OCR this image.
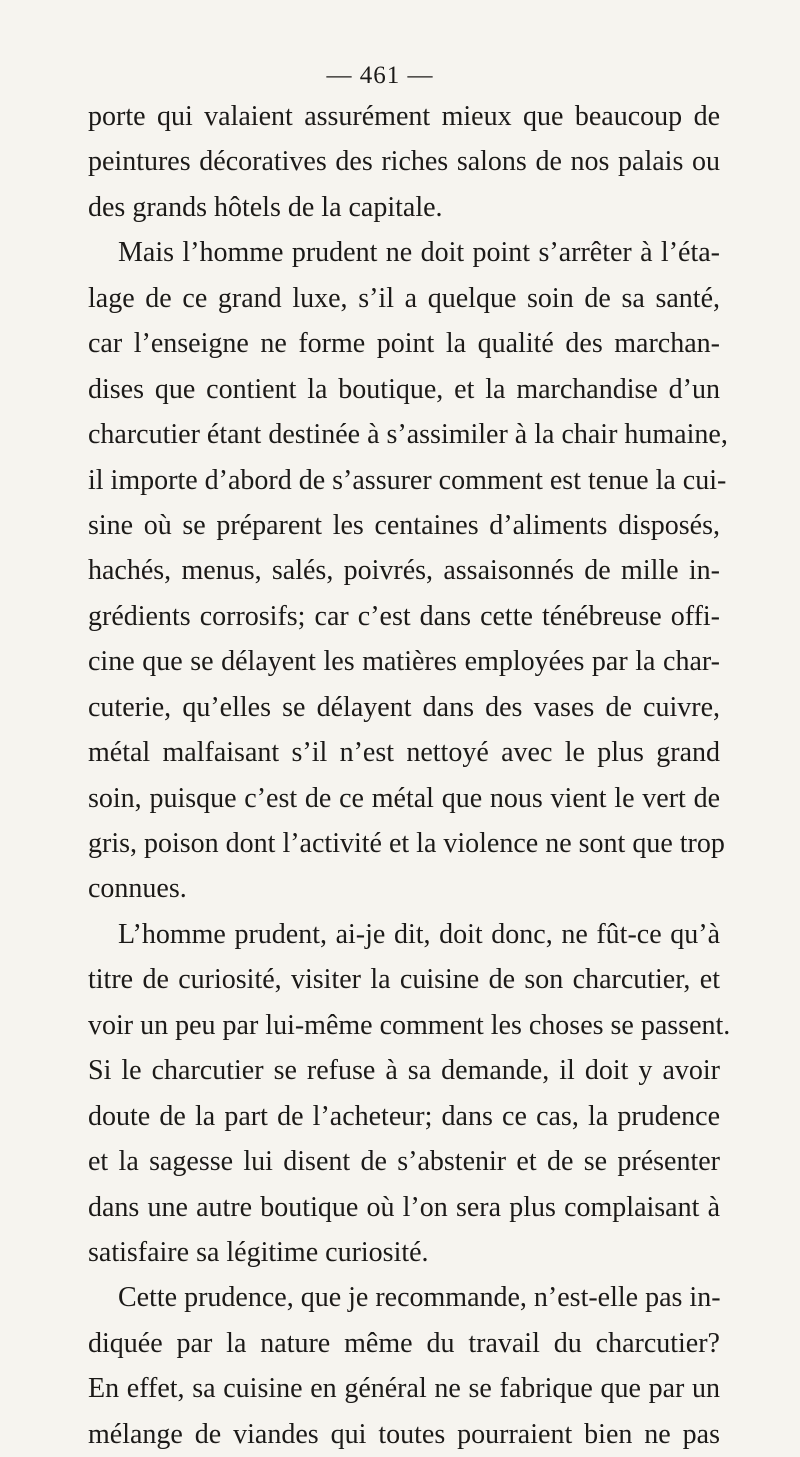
— 461 —
porte qui valaient assurément mieux que beaucoup de
peintures décoratives des riches salons de nos palais ou
des grands hôtels de la capitale.
Mais l’homme prudent ne doit point s’arrêter à l’éta-
lage de ce grand luxe, s’il a quelque soin de sa santé,
car l’enseigne ne forme point la qualité des marchan-
dises que contient la boutique, et la marchandise d’un
charcutier étant destinée à s’assimiler à la chair humaine,
il importe d’abord de s’assurer comment est tenue la cui-
sine où se préparent les centaines d’aliments disposés,
hachés, menus, salés, poivrés, assaisonnés de mille in-
grédients corrosifs; car c’est dans cette ténébreuse offi-
cine que se délayent les matières employées par la char-
cuterie, qu’elles se délayent dans des vases de cuivre,
métal malfaisant s’il n’est nettoyé avec le plus grand
soin, puisque c’est de ce métal que nous vient le vert de
gris, poison dont l’activité et la violence ne sont que trop
connues.
L’homme prudent, ai-je dit, doit donc, ne fût-ce qu’à
titre de curiosité, visiter la cuisine de son charcutier, et
voir un peu par lui-même comment les choses se passent.
Si le charcutier se refuse à sa demande, il doit y avoir
doute de la part de l’acheteur; dans ce cas, la prudence
et la sagesse lui disent de s’abstenir et de se présenter
dans une autre boutique où l’on sera plus complaisant à
satisfaire sa légitime curiosité.
Cette prudence, que je recommande, n’est-elle pas in-
diquée par la nature même du travail du charcutier?
En effet, sa cuisine en général ne se fabrique que par un
mélange de viandes qui toutes pourraient bien ne pas
